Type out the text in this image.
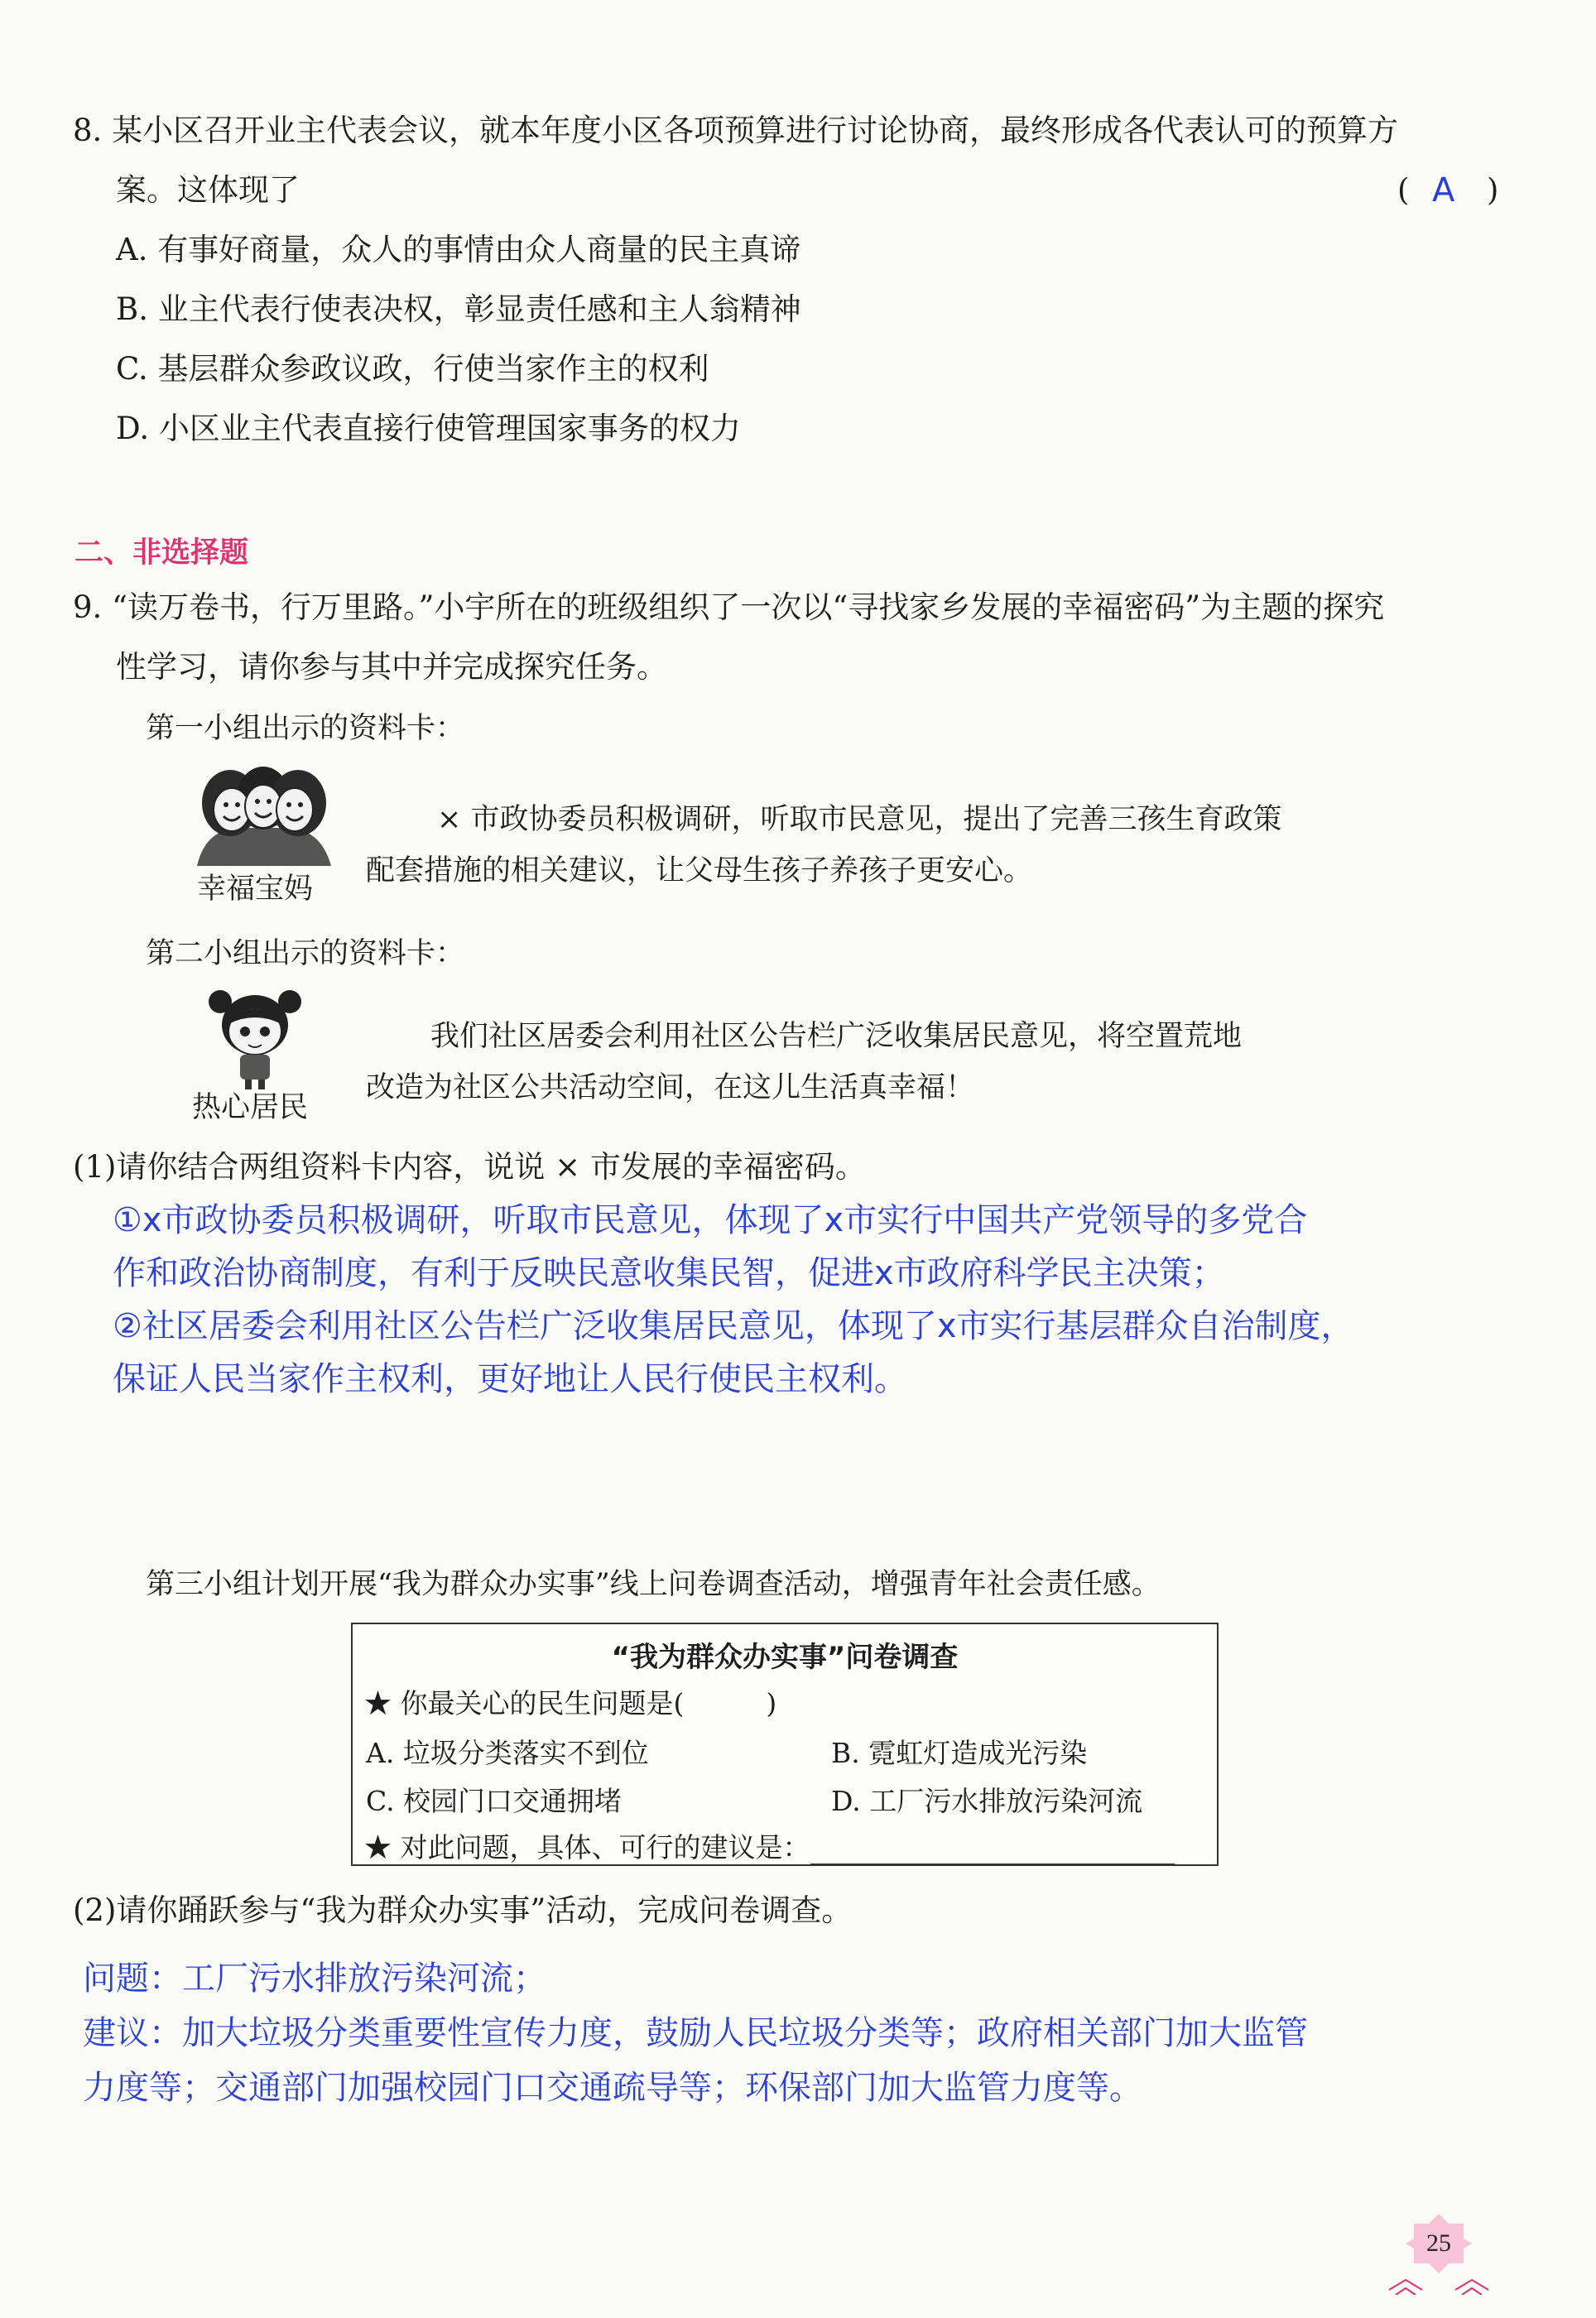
8. 某小区召开业主代表会议，就本年度小区各项预算进行讨论协商，最终形成各代表认可的预算方
案。这体现了	( A )
A. 有事好商量，众人的事情由众人商量的民主真谛
B. 业主代表行使表决权，彰显责任感和主人翁精神
C. 基层群众参政议政，行使当家作主的权利
D. 小区业主代表直接行使管理国家事务的权力
二、非选择题
9. “读万卷书，行万里路。”小宇所在的班级组织了一次以“寻找家乡发展的幸福密码”为主题的探究
性学习，请你参与其中并完成探究任务。
第一小组出示的资料卡：
幸福宝妈
× 市政协委员积极调研，听取市民意见，提出了完善三孩生育政策
配套措施的相关建议，让父母生孩子养孩子更安心。
第二小组出示的资料卡：
热心居民
我们社区居委会利用社区公告栏广泛收集居民意见，将空置荒地
改造为社区公共活动空间，在这儿生活真幸福！
(1)请你结合两组资料卡内容，说说 × 市发展的幸福密码。
①x市政协委员积极调研，听取市民意见，体现了x市实行中国共产党领导的多党合
作和政治协商制度，有利于反映民意收集民智，促进x市政府科学民主决策；
②社区居委会利用社区公告栏广泛收集居民意见，体现了x市实行基层群众自治制度，
保证人民当家作主权利，更好地让人民行使民主权利。
第三小组计划开展“我为群众办实事”线上问卷调查活动，增强青年社会责任感。
“我为群众办实事”问卷调查
★ 你最关心的民生问题是(　　　)
A. 垃圾分类落实不到位	B. 霓虹灯造成光污染
C. 校园门口交通拥堵	D. 工厂污水排放污染河流
★ 对此问题，具体、可行的建议是：
(2)请你踊跃参与“我为群众办实事”活动，完成问卷调查。
问题：工厂污水排放污染河流；
建议：加大垃圾分类重要性宣传力度，鼓励人民垃圾分类等；政府相关部门加大监管
力度等；交通部门加强校园门口交通疏导等；环保部门加大监管力度等。
25
